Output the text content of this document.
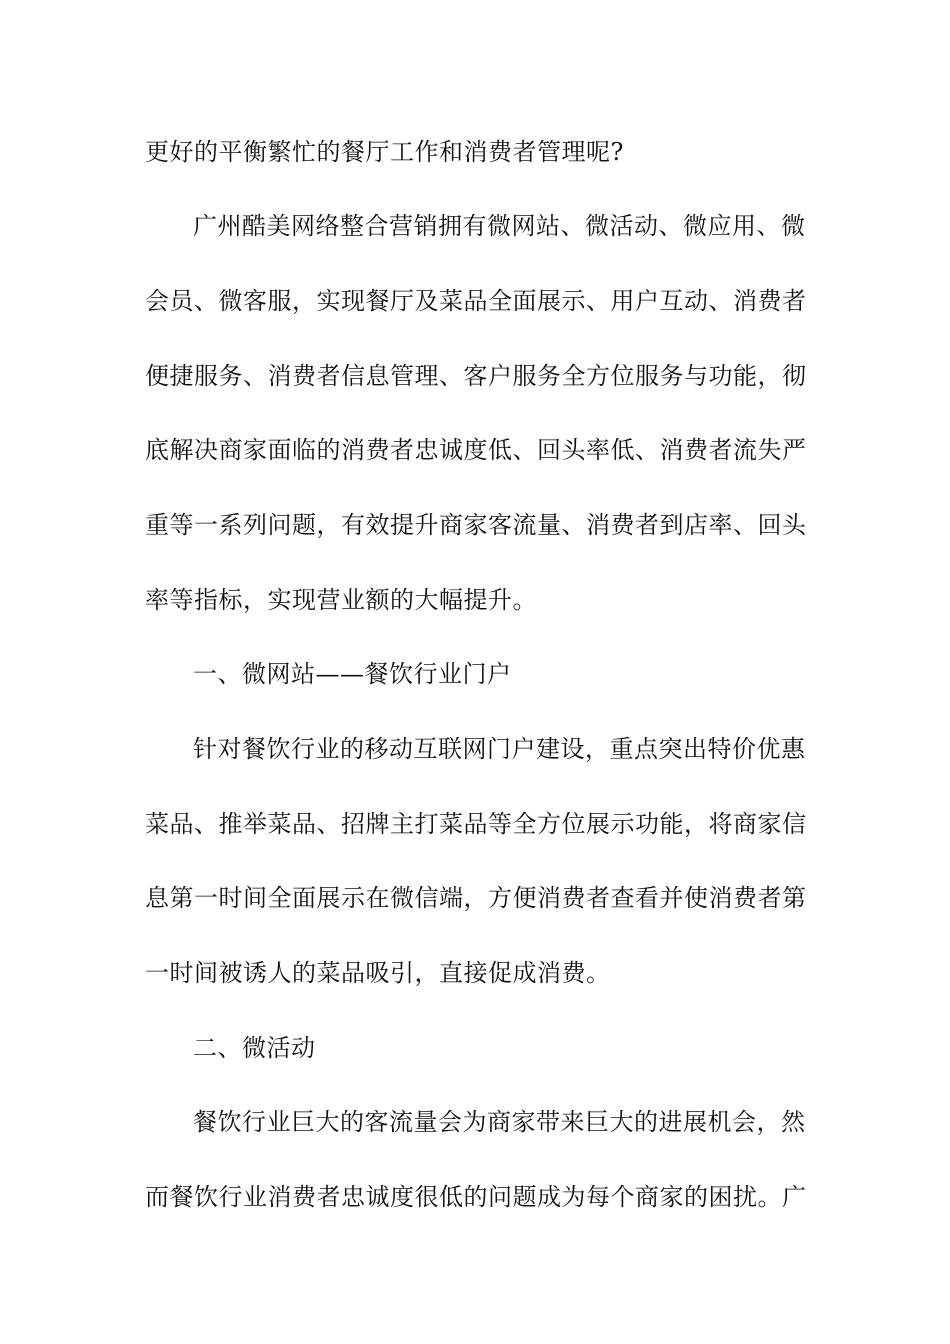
更好的平衡繁忙的餐厅工作和消费者管理呢?

广州酷美网络整合营销拥有微网站、微活动、微应用、微

会员、微客服，实现餐厅及菜品全面展示、用户互动、消费者

便捷服务、消费者信息管理、客户服务全方位服务与功能，彻

底解决商家面临的消费者忠诚度低、回头率低、消费者流失严

重等一系列问题，有效提升商家客流量、消费者到店率、回头

率等指标，实现营业额的大幅提升。

一、微网站——餐饮行业门户

针对餐饮行业的移动互联网门户建设，重点突出特价优惠

菜品、推举菜品、招牌主打菜品等全方位展示功能，将商家信

息第一时间全面展示在微信端，方便消费者查看并使消费者第

一时间被诱人的菜品吸引，直接促成消费。

二、微活动

餐饮行业巨大的客流量会为商家带来巨大的进展机会，然

而餐饮行业消费者忠诚度很低的问题成为每个商家的困扰。广
